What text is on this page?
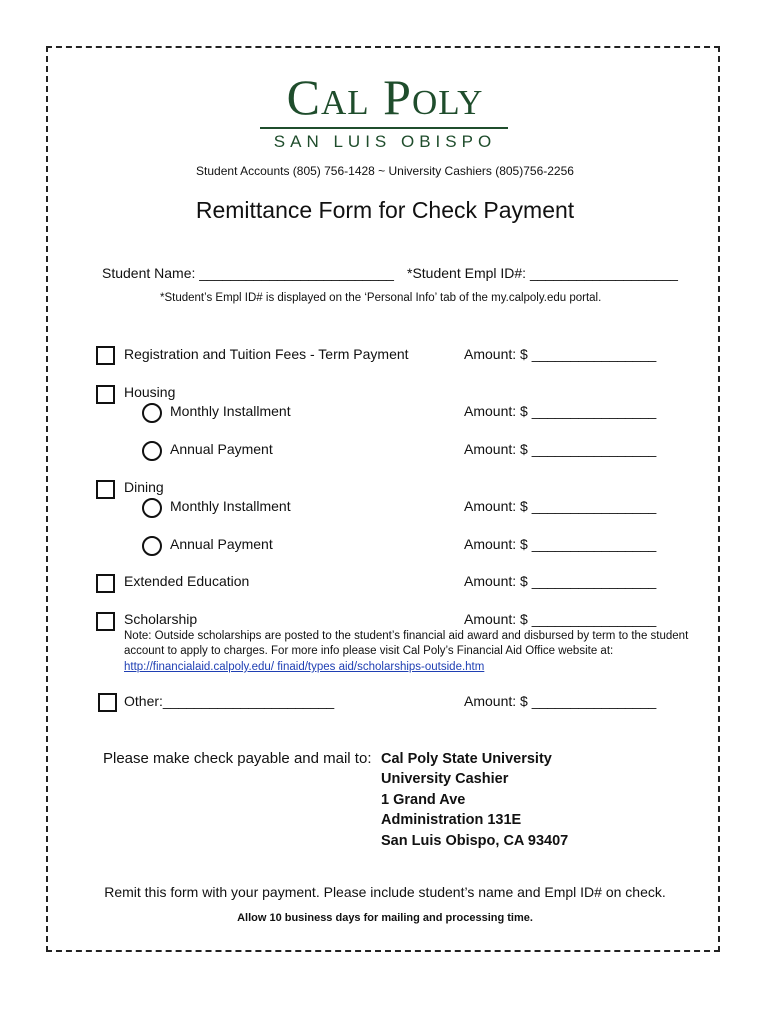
Cal Poly
SAN LUIS OBISPO
Student Accounts (805) 756-1428 ~ University Cashiers (805)756-2256
Remittance Form for Check Payment
Student Name: _________________________ *Student Empl ID#: ___________________
*Student’s Empl ID# is displayed on the ‘Personal Info’ tab of the my.calpoly.edu portal.
Registration and Tuition Fees - Term Payment	Amount: $ ________________
Housing
Monthly Installment	Amount: $ ________________
Annual Payment	Amount: $ ________________
Dining
Monthly Installment	Amount: $ ________________
Annual Payment	Amount: $ ________________
Extended Education	Amount: $ ________________
Scholarship	Amount: $ ________________
Note: Outside scholarships are posted to the student’s financial aid award and disbursed by term to the student
account to apply to charges. For more info please visit Cal Poly’s Financial Aid Office website at:
http://financialaid.calpoly.edu/ finaid/types aid/scholarships-outside.htm
Other:______________________	Amount: $ ________________
Please make check payable and mail to: Cal Poly State University
University Cashier
1 Grand Ave
Administration 131E
San Luis Obispo, CA 93407
Remit this form with your payment. Please include student’s name and Empl ID# on check.
Allow 10 business days for mailing and processing time.
